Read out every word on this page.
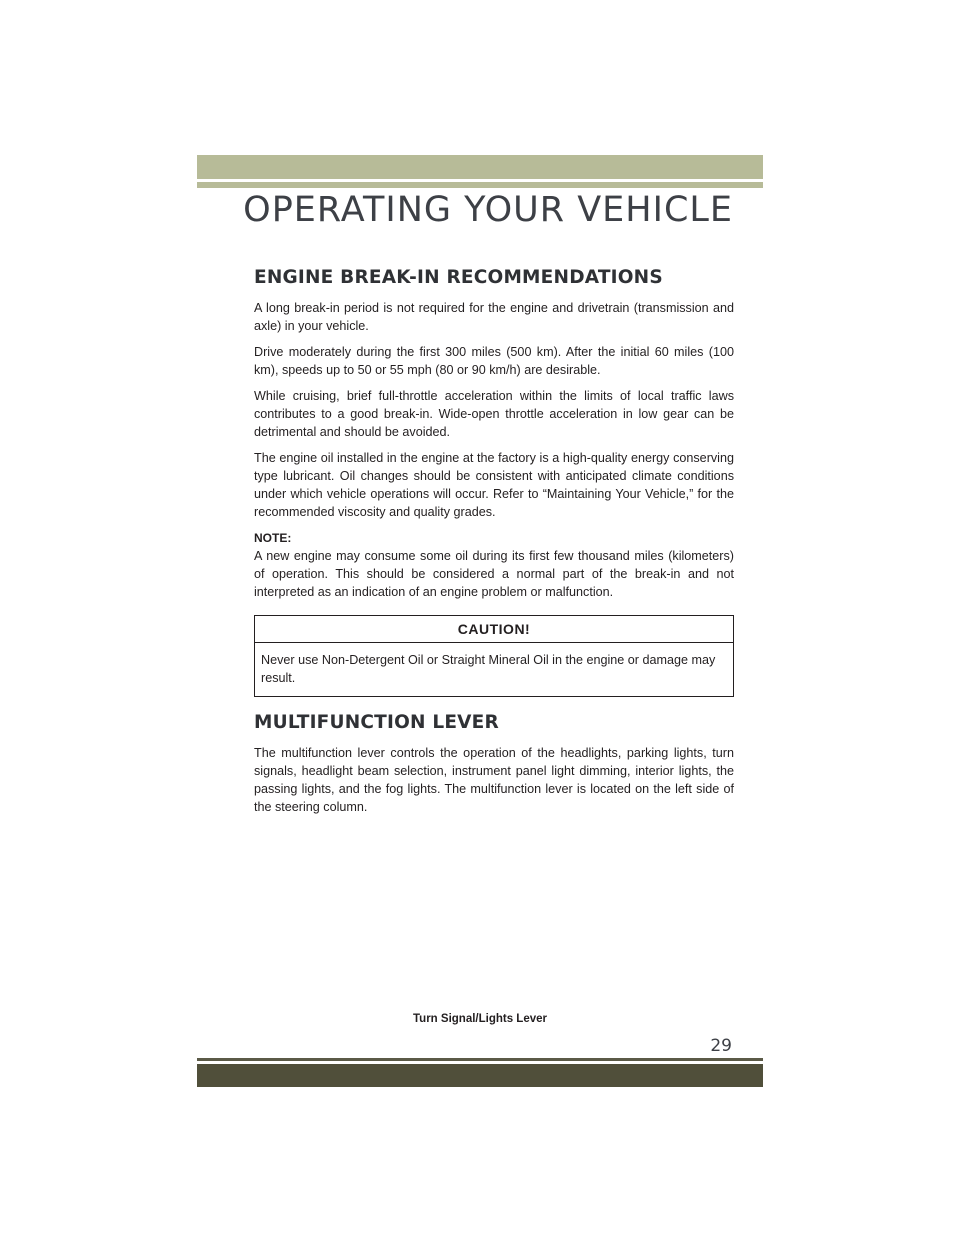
OPERATING YOUR VEHICLE
ENGINE BREAK-IN RECOMMENDATIONS

A long break-in period is not required for the engine and drivetrain (transmission and axle) in your vehicle.

Drive moderately during the first 300 miles (500 km). After the initial 60 miles (100 km), speeds up to 50 or 55 mph (80 or 90 km/h) are desirable.

While cruising, brief full-throttle acceleration within the limits of local traffic laws contributes to a good break-in. Wide-open throttle acceleration in low gear can be detrimental and should be avoided.

The engine oil installed in the engine at the factory is a high-quality energy conserving type lubricant. Oil changes should be consistent with anticipated climate conditions under which vehicle operations will occur. Refer to “Maintaining Your Vehicle,” for the recommended viscosity and quality grades.

NOTE:

A new engine may consume some oil during its first few thousand miles (kilometers) of operation. This should be considered a normal part of the break-in and not interpreted as an indication of an engine problem or malfunction.

CAUTION!
Never use Non-Detergent Oil or Straight Mineral Oil in the engine or damage may result.
MULTIFUNCTION LEVER

The multifunction lever controls the operation of the headlights, parking lights, turn signals, headlight beam selection, instrument panel light dimming, interior lights, the passing lights, and the fog lights. The multifunction lever is located on the left side of the steering column.

Turn Signal/Lights Lever
29
